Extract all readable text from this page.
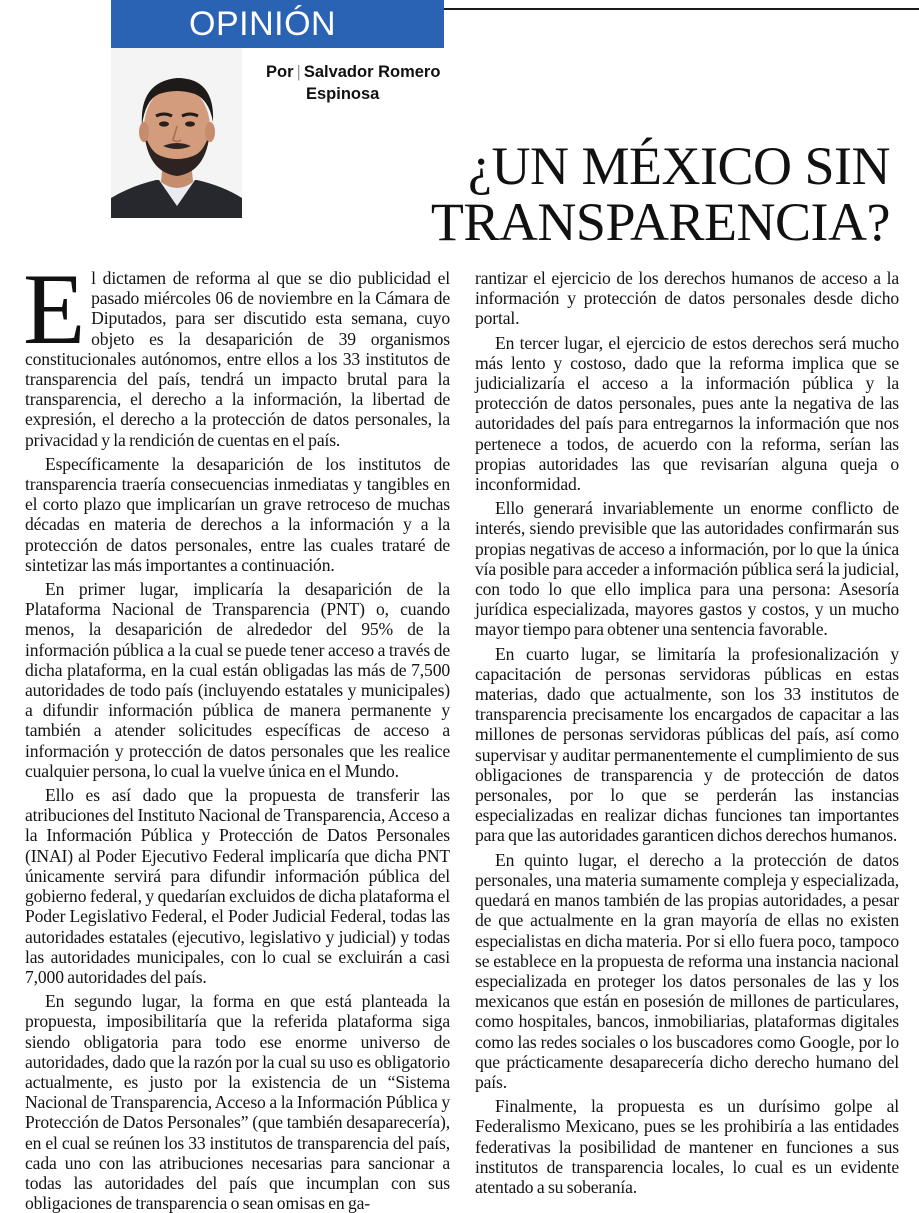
OPINIÓN
Por | Salvador Romero
Espinosa
¿UN MÉXICO SIN
TRANSPARENCIA?

El dictamen de reforma al que se dio publicidad el pasado miércoles 06 de noviembre en la Cámara de Diputados, para ser discutido esta semana, cuyo objeto es la desaparición de 39 organismos constitucionales autónomos, entre ellos a los 33 institutos de transparencia del país, tendrá un impacto brutal para la transparencia, el derecho a la información, la libertad de expresión, el derecho a la protección de datos personales, la privacidad y la rendición de cuentas en el país.

Específicamente la desaparición de los institutos de transparencia traería consecuencias inmediatas y tangibles en el corto plazo que implicarían un grave retroceso de muchas décadas en materia de derechos a la información y a la protección de datos personales, entre las cuales trataré de sintetizar las más importantes a continuación.

En primer lugar, implicaría la desaparición de la Plataforma Nacional de Transparencia (PNT) o, cuando menos, la desaparición de alrededor del 95% de la información pública a la cual se puede tener acceso a través de dicha plataforma, en la cual están obligadas las más de 7,500 autoridades de todo país (incluyendo estatales y municipales) a difundir información pública de manera permanente y también a atender solicitudes específicas de acceso a información y protección de datos personales que les realice cualquier persona, lo cual la vuelve única en el Mundo.

Ello es así dado que la propuesta de transferir las atribuciones del Instituto Nacional de Transparencia, Acceso a la Información Pública y Protección de Datos Personales (INAI) al Poder Ejecutivo Federal implicaría que dicha PNT únicamente servirá para difundir información pública del gobierno federal, y quedarían excluidos de dicha plataforma el Poder Legislativo Federal, el Poder Judicial Federal, todas las autoridades estatales (ejecutivo, legislativo y judicial) y todas las autoridades municipales, con lo cual se excluirán a casi 7,000 autoridades del país.

En segundo lugar, la forma en que está planteada la propuesta, imposibilitaría que la referida plataforma siga siendo obligatoria para todo ese enorme universo de autoridades, dado que la razón por la cual su uso es obligatorio actualmente, es justo por la existencia de un “Sistema Nacional de Transparencia, Acceso a la Información Pública y Protección de Datos Personales” (que también desaparecería), en el cual se reúnen los 33 institutos de transparencia del país, cada uno con las atribuciones necesarias para sancionar a todas las autoridades del país que incumplan con sus obligaciones de transparencia o sean omisas en ga-

rantizar el ejercicio de los derechos humanos de acceso a la información y protección de datos personales desde dicho portal.

En tercer lugar, el ejercicio de estos derechos será mucho más lento y costoso, dado que la reforma implica que se judicializaría el acceso a la información pública y la protección de datos personales, pues ante la negativa de las autoridades del país para entregarnos la información que nos pertenece a todos, de acuerdo con la reforma, serían las propias autoridades las que revisarían alguna queja o inconformidad.

Ello generará invariablemente un enorme conflicto de interés, siendo previsible que las autoridades confirmarán sus propias negativas de acceso a información, por lo que la única vía posible para acceder a información pública será la judicial, con todo lo que ello implica para una persona: Asesoría jurídica especializada, mayores gastos y costos, y un mucho mayor tiempo para obtener una sentencia favorable.

En cuarto lugar, se limitaría la profesionalización y capacitación de personas servidoras públicas en estas materias, dado que actualmente, son los 33 institutos de transparencia precisamente los encargados de capacitar a las millones de personas servidoras públicas del país, así como supervisar y auditar permanentemente el cumplimiento de sus obligaciones de transparencia y de protección de datos personales, por lo que se perderán las instancias especializadas en realizar dichas funciones tan importantes para que las autoridades garanticen dichos derechos humanos.

En quinto lugar, el derecho a la protección de datos personales, una materia sumamente compleja y especializada, quedará en manos también de las propias autoridades, a pesar de que actualmente en la gran mayoría de ellas no existen especialistas en dicha materia. Por si ello fuera poco, tampoco se establece en la propuesta de reforma una instancia nacional especializada en proteger los datos personales de las y los mexicanos que están en posesión de millones de particulares, como hospitales, bancos, inmobiliarias, plataformas digitales como las redes sociales o los buscadores como Google, por lo que prácticamente desaparecería dicho derecho humano del país.

Finalmente, la propuesta es un durísimo golpe al Federalismo Mexicano, pues se les prohibiría a las entidades federativas la posibilidad de mantener en funciones a sus institutos de transparencia locales, lo cual es un evidente atentado a su soberanía.
